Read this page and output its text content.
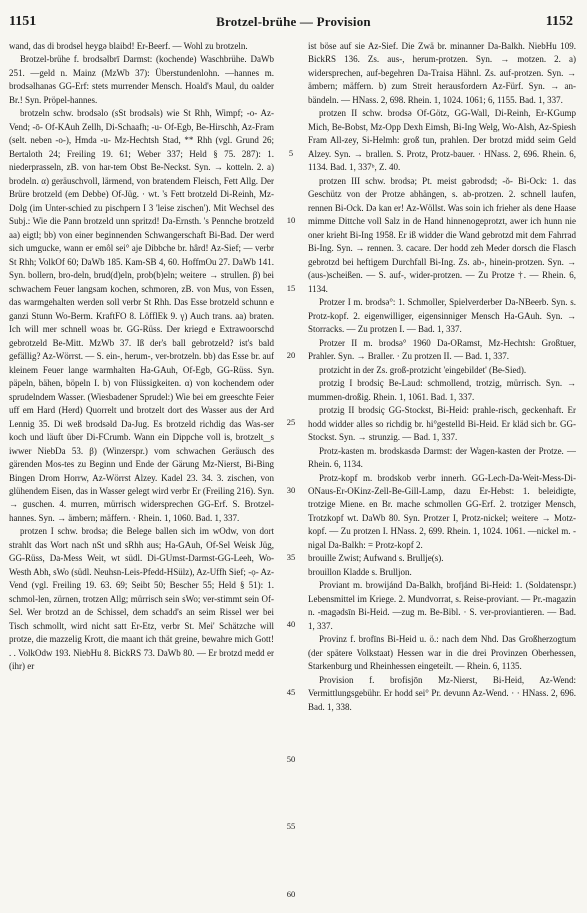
1151	Brotzel-brühe — Provision	1152

wand, das di brodsel heygə blaibd! Er-Beerf. — Wohl zu brotzeln.

Brotzel-brühe f. brodsəlbrī Darmst: (kochende) Waschbrühe. DaWb 251. —geld n. Mainz (MzWb 37): Überstundenlohn. —hannes m. brodsəlhanəs GG-Erf: stets murrender Mensch. Hoald's Maul, du oalder Br.! Syn. Pröpel-hannes.

brotzeln schw. brodsəlo (sSt brodsəls) wie St Rhh, Wimpf; -o- Az-Vend; -ō- Of-KAuh Zellh, Di-Schaafh; -u- Of-Egb, Be-Hirschh, Az-Fram (selt. neben -o-), Hmda -u- Mz-Hechtsh Stad, ** Rhh (vgl. Grund 26; Bertaloth 24; Freiling 19. 61; Weber 337; Held § 75. 287): 1. niederprasseln, zB. von har-tem Obst Be-Neckst. Syn. → kotteln. 2. a) brodeln. α) geräuschvoll, lärmend, von bratendem Fleisch, Fett Allg. Der Brüre brotzeld (em Debbe) Of-Jüg. · wt. 's Fett brotzeld Di-Reinh, Mz-Dolg (im Unter-schied zu pischpern I 3 'leise zischen'). Mit Wechsel des Subj.: Wie die Pann brotzeld unn spritzd! Da-Ernsth. 's Pennche brotzeld aa) eigtl; bb) von einer beginnenden Schwangerschaft Bi-Bad. Der werd sich umgucke, wann er emôl sei° aje Dibbche br. hârd! Az-Sief; — verbr St Rhh; VolkOf 60; DaWb 185. Kam-SB 4, 60. HoffmOu 27. DaWb 141. Syn. bollern, bro-deln, brud(d)eln, prob(b)eln; weitere → strullen. β) bei schwachem Feuer langsam kochen, schmoren, zB. von Mus, von Essen, das warmgehalten werden soll verbr St Rhh. Das Esse brotzeld schunn e ganzi Stunn Wo-Berm. KraftFO 8. LöfflEk 9. γ) Auch trans. aa) braten. Ich will mer schnell woas br. GG-Rüss. Der kriegd e Extrawoorschd gebrotzeld Be-Mitt. MzWb 37. Iß der's ball gebrotzeld? ist's bald gefällig? Az-Wörrst. — S. ein-, herum-, ver-brotzeln. bb) das Esse br. auf kleinem Feuer lange warmhalten Ha-GAuh, Of-Egb, GG-Rüss. Syn. päpeln, bähen, böpeln I. b) von Flüssigkeiten. α) von kochendem oder sprudelndem Wasser. (Wiesbadener Sprudel:) Wie bei em greeschte Feier uff em Hard (Herd) Quorrelt und brotzelt dort des Wasser aus der Ard Lennig 35. Di weß brodsəld Da-Jug. Es brotzeld richdig das Was-ser koch und läuft über Di-FCrumb. Wann ein Dippche voll is, brotzelt‿s iwwer NiebDa 53. β) (Winzerspr.) vom schwachen Geräusch des gärenden Mos-tes zu Beginn und Ende der Gärung Mz-Nierst, Bi-Bing Bingen Drom Horrw, Az-Wörrst Alzey. Kadel 23. 34. 3. zischen, von glühendem Eisen, das in Wasser gelegt wird verbr Er (Freiling 216). Syn. → guschen. 4. murren, mürrisch widersprechen GG-Erf. S. Brotzel-hannes. Syn. → ämbern; mäffern. · Rhein. 1, 1060. Bad. 1, 337.

protzen I schw. brodsə; die Belege ballen sich im wOdw, von dort strahlt das Wort nach nSt und sRhh aus; Ha-GAuh, Of-Sel Weisk Jüg, GG-Rüss, Da-Mess Weit, wt südl. Di-GUmst-Darmst-GG-Leeh, Wo-Westh Abh, sWo (südl. Neuhsn-Leis-Pfedd-HSülz), Az-Uffh Sief; -ọ- Az-Vend (vgl. Freiling 19. 63. 69; Seibt 50; Bescher 55; Held § 51): 1. schmol-len, zürnen, trotzen Allg; mürrisch sein sWo; ver-stimmt sein Of-Sel. Wer brotzd an de Schissel, dem schadd's an seim Rissel wer bei Tisch schmollt, wird nicht satt Er-Etz, verbr St. Mei' Schätzche will protze, die mazzelig Krott, die maant ich thät greine, bewahre mich Gott! . . VolkOdw 193. NiebHu 8. BickRS 73. DaWb 80. — Er brotzd medd er (ihr) er

5
10
15
20
25
30
35
40
45
50
55
60

ist böse auf sie Az-Sief. Die Zwä br. minanner Da-Balkh. NiebHu 109. BickRS 136. Zs. aus-, herum-protzen. Syn. → motzen. 2. a) widersprechen, auf-begehren Da-Traisa Hähnl. Zs. auf-protzen. Syn. → ämbern; mäffern. b) zum Streit herausfordern Az-Fürf. Syn. → an-bändeln. — HNass. 2, 698. Rhein. 1, 1024. 1061; 6, 1155. Bad. 1, 337.

protzen II schw. brodsə Of-Götz, GG-Wall, Di-Reinh, Er-KGump Mich, Be-Bobst, Mz-Opp Dexh Eimsh, Bi-Ing Welg, Wo-Alsh, Az-Spiesh Fram All-zey, Si-Helmh: groß tun, prahlen. Der brotzd midd seim Geld Alzey. Syn. → brallen. S. Protz, Protz-bauer. · HNass. 2, 696. Rhein. 6, 1134. Bad. 1, 337ᵇ, Z. 40.

protzen III schw. brodsə; Pt. meist gəbrodsd; -ŏ- Bi-Ock: 1. das Geschütz von der Protze abhängen, s. ab-protzen. 2. schnell laufen, rennen Bi-Ock. Dǝ kan er! Az-Wöllst. Was soin ich frieher als dene Haase mimme Dittche voll Salz in de Hand hinnenogeprotzt, awer ich hunn nie oner krieht Bi-Ing 1958. Er iß widder die Wand gebrotzd mit dem Fahrrad Bi-Ing. Syn. → rennen. 3. cacare. Der hodd zeh Meder dorsch die Flasch gebrotzd bei heftigem Durchfall Bi-Ing. Zs. ab-, hinein-protzen. Syn. → (aus-)scheißen. — S. auf-, wider-protzen. — Zu Protze †. — Rhein. 6, 1134.

Protzer I m. brodsə°: 1. Schmoller, Spielverderber Da-NBeerb. Syn. s. Protz-kopf. 2. eigenwilliger, eigensinniger Mensch Ha-GAuh. Syn. → Storracks. — Zu protzen I. — Bad. 1, 337.

Protzer II m. brodsə° 1960 Da-ORamst, Mz-Hechtsh: Großtuer, Prahler. Syn. → Braller. · Zu protzen II. — Bad. 1, 337.

protzicht in der Zs. groß-protzicht 'eingebildet' (Be-Sied).

protzig I brodsiç Be-Laud: schmollend, trotzig, mürrisch. Syn. → mummen-droßig. Rhein. 1, 1061. Bad. 1, 337.

protzig II brodsiç GG-Stockst, Bi-Heid: prahle-risch, geckenhaft. Er hodd widder alles so richdig br. hi°gestelld Bi-Heid. Er kläd sich br. GG-Stockst. Syn. → strunzig. — Bad. 1, 337.

Protz-kasten m. brodskasdə Darmst: der Wagen-kasten der Protze. — Rhein. 6, 1134.

Protz-kopf m. brodskob verbr innerh. GG-Lech-Da-Weit-Mess-Di-ONaus-Er-OKinz-Zell-Be-Gill-Lamp, dazu Er-Hebst: 1. beleidigte, trotzige Miene. en Br. mache schmollen GG-Erf. 2. trotziger Mensch, Trotzkopf wt. DaWb 80. Syn. Protzer I, Protz-nickel; weitere → Motz-kopf. — Zu protzen I. HNass. 2, 699. Rhein. 1, 1024. 1061. —nickel m. -nigəl Da-Balkh: = Protz-kopf 2.

brouille Zwist; Aufwand s. Brullje(s).

brouillon Kladde s. Brulljon.

Proviant m. browijánd Da-Balkh, brofjánd Bi-Heid: 1. (Soldatenspr.) Lebensmittel im Kriege. 2. Mundvorrat, s. Reise-proviant. — Pr.-magazin n. -magədsīn Bi-Heid. —zug m. Be-Bibl. · S. ver-proviantieren. — Bad. 1, 337.

Provinz f. brofīns Bi-Heid u. ö.: nach dem Nhd. Das Großherzogtum (der spätere Volkstaat) Hessen war in die drei Provinzen Oberhessen, Starkenburg und Rheinhessen eingeteilt. — Rhein. 6, 1135.

Provision f. brofisjōn Mz-Nierst, Bi-Heid, Az-Wend: Vermittlungsgebühr. Er hodd sei° Pr. devunn Az-Wend. · · HNass. 2, 696. Bad. 1, 338.
